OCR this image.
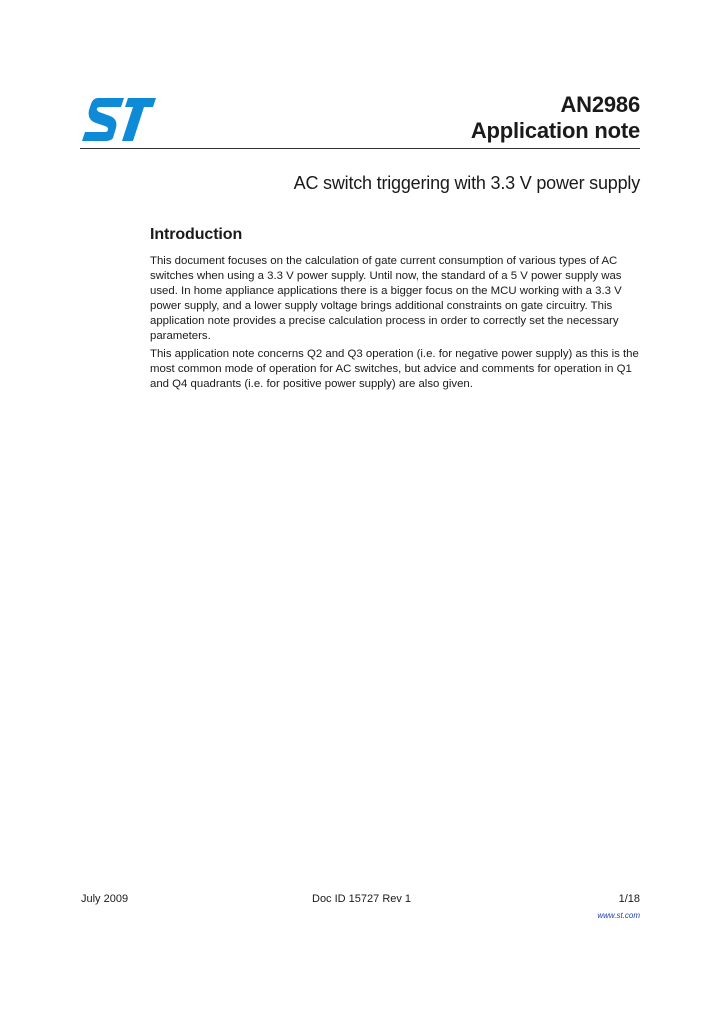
AN2986
Application note
AC switch triggering with 3.3 V power supply
Introduction

This document focuses on the calculation of gate current consumption of various types of AC switches when using a 3.3 V power supply. Until now, the standard of a 5 V power supply was used. In home appliance applications there is a bigger focus on the MCU working with a 3.3 V power supply, and a lower supply voltage brings additional constraints on gate circuitry. This application note provides a precise calculation process in order to correctly set the necessary parameters.

This application note concerns Q2 and Q3 operation (i.e. for negative power supply) as this is the most common mode of operation for AC switches, but advice and comments for operation in Q1 and Q4 quadrants (i.e. for positive power supply) are also given.

July 2009	Doc ID 15727 Rev 1	1/18
www.st.com
